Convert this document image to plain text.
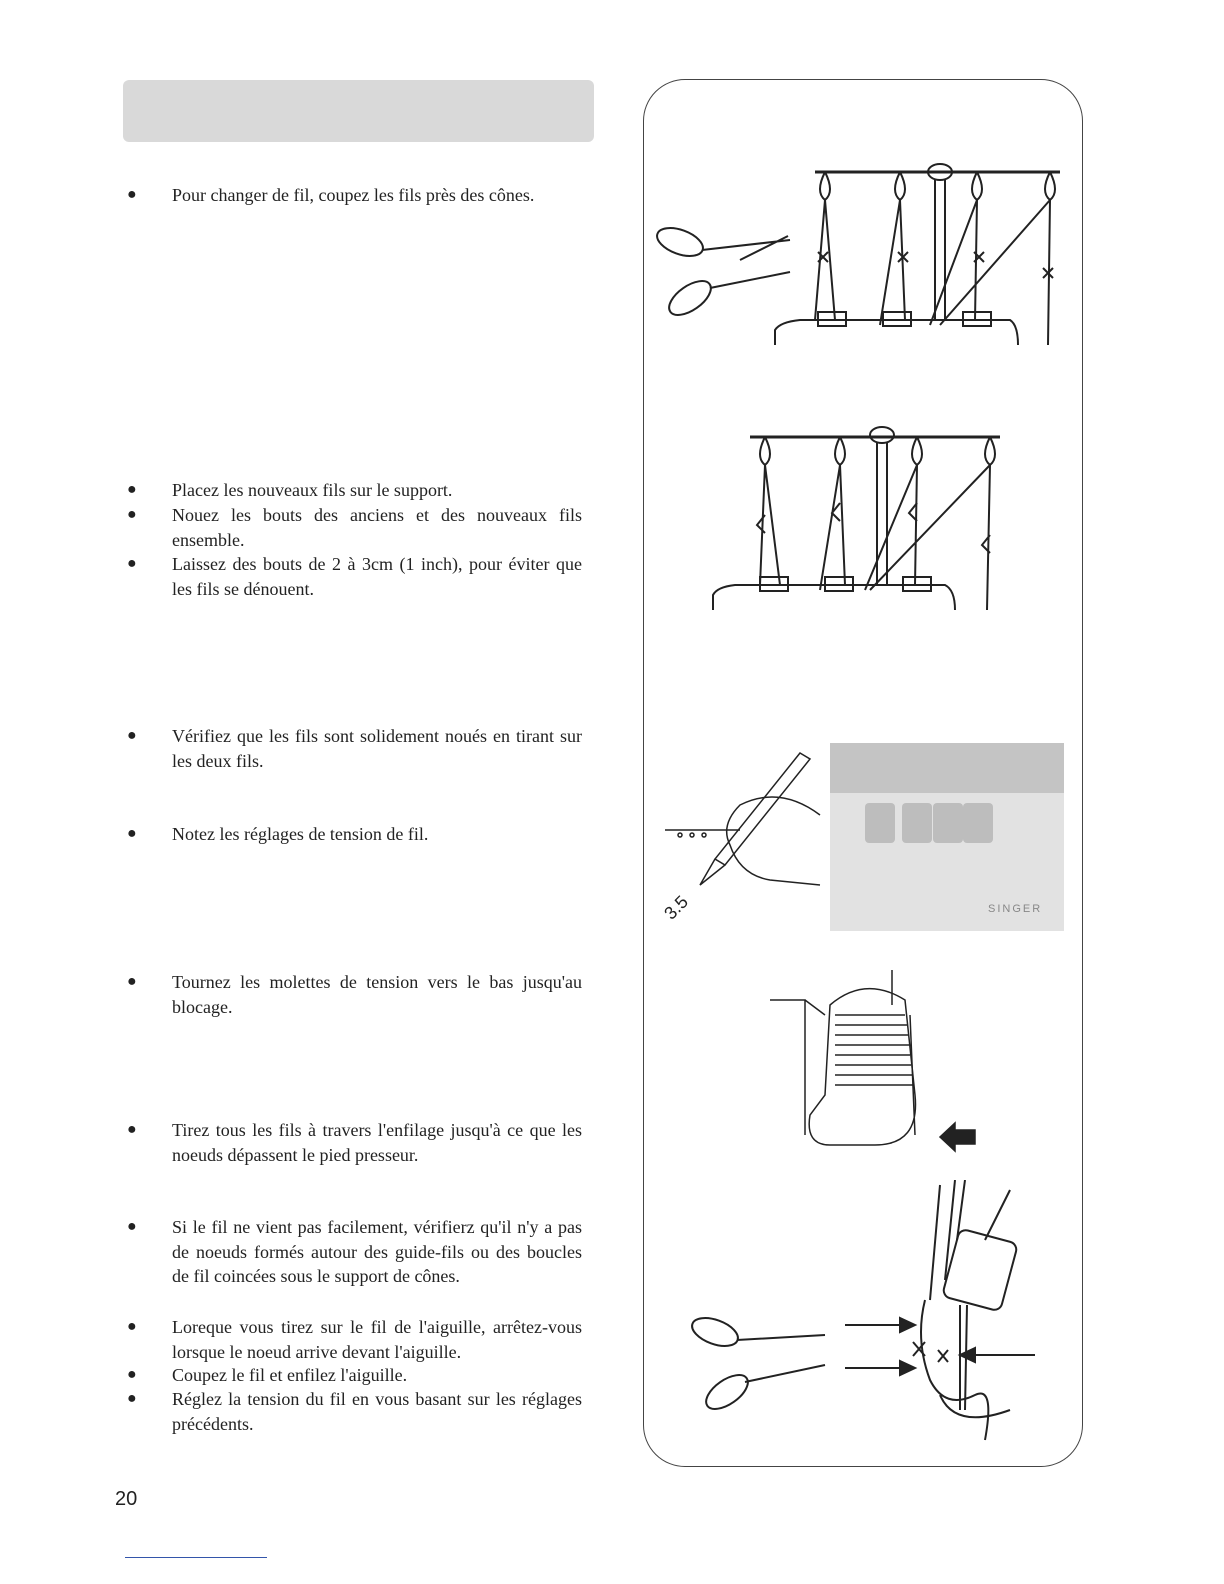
● Pour changer de fil, coupez les fils près des cônes.
● Placez les nouveaux fils sur le support.
● Nouez les bouts des anciens et des nouveaux fils ensemble.
● Laissez des bouts de 2 à 3cm (1 inch), pour éviter que les fils se dénouent.
● Vérifiez que les fils sont solidement noués en tirant sur les deux fils.
● Notez les réglages de tension de fil.
● Tournez les molettes de tension vers le bas jusqu'au blocage.
● Tirez tous les fils à travers l'enfilage jusqu'à ce que les noeuds dépassent le pied presseur.
● Si le fil ne vient pas facilement, vérifierz qu'il n'y a pas de noeuds formés autour des guide-fils ou des boucles de fil coincées sous le support de cônes.
● Loreque vous tirez sur le fil de l'aiguille, arrêtez-vous lorsque le noeud arrive devant l'aiguille.
● Coupez le fil et enfilez l'aiguille.
● Réglez la tension du fil en vous basant sur les réglages précédents.
3.5	SINGER
20
